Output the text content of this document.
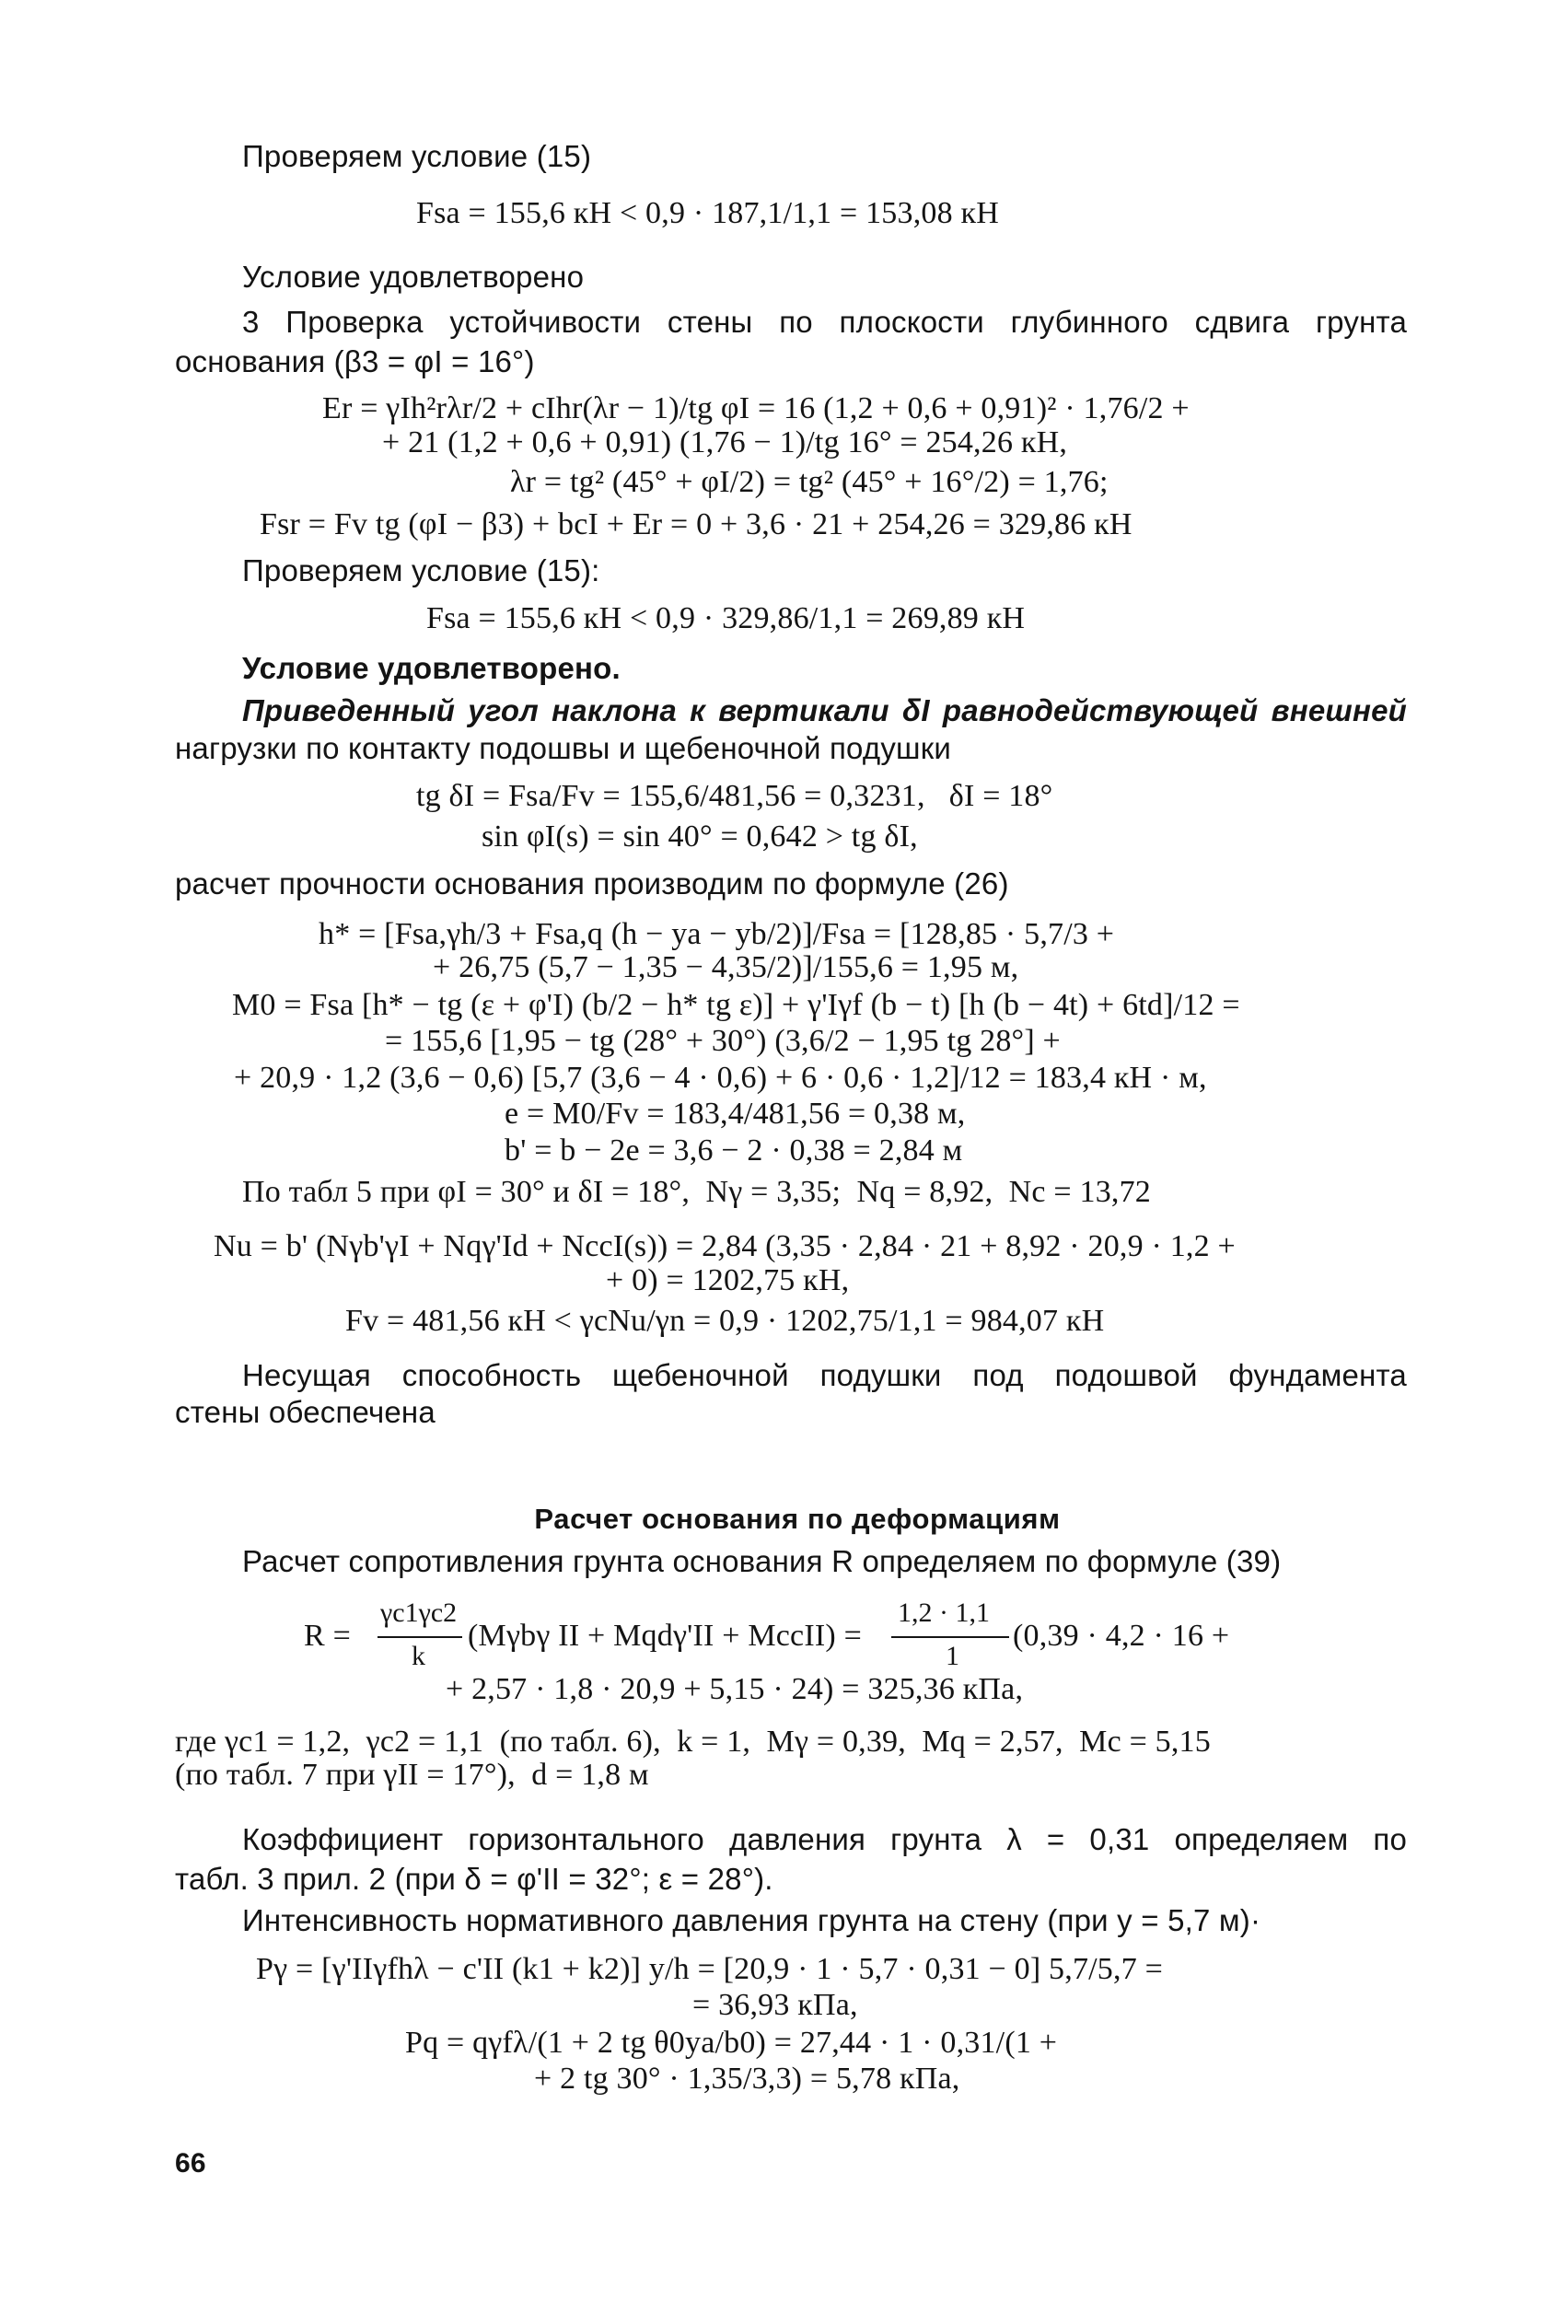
Проверяем условие (15)
Fsa = 155,6 кН < 0,9 · 187,1/1,1 = 153,08 кН
Условие удовлетворено
3 Проверка устойчивости стены по плоскости глубинного сдвига грунта
основания (β3 = φI = 16°)
Er = γIh²rλr/2 + cIhr(λr − 1)/tg φI = 16 (1,2 + 0,6 + 0,91)² · 1,76/2 +
+ 21 (1,2 + 0,6 + 0,91) (1,76 − 1)/tg 16° = 254,26 кН,
λr = tg² (45° + φI/2) = tg² (45° + 16°/2) = 1,76;
Fsr = Fv tg (φI − β3) + bcI + Er = 0 + 3,6 · 21 + 254,26 = 329,86 кН
Проверяем условие (15):
Fsa = 155,6 кН < 0,9 · 329,86/1,1 = 269,89 кН
Условие удовлетворено.
Приведенный угол наклона к вертикали δI равнодействующей внешней
нагрузки по контакту подошвы и щебеночной подушки
tg δI = Fsa/Fv = 155,6/481,56 = 0,3231,   δI = 18°
sin φI(s) = sin 40° = 0,642 > tg δI,
расчет прочности основания производим по формуле (26)
h* = [Fsa,γh/3 + Fsa,q (h − ya − yb/2)]/Fsa = [128,85 · 5,7/3 +
+ 26,75 (5,7 − 1,35 − 4,35/2)]/155,6 = 1,95 м,
M0 = Fsa [h* − tg (ε + φ'I) (b/2 − h* tg ε)] + γ'Iγf (b − t) [h (b − 4t) + 6td]/12 =
= 155,6 [1,95 − tg (28° + 30°) (3,6/2 − 1,95 tg 28°] +
+ 20,9 · 1,2 (3,6 − 0,6) [5,7 (3,6 − 4 · 0,6) + 6 · 0,6 · 1,2]/12 = 183,4 кН · м,
e = M0/Fv = 183,4/481,56 = 0,38 м,
b' = b − 2e = 3,6 − 2 · 0,38 = 2,84 м
По табл 5 при φI = 30° и δI = 18°,  Nγ = 3,35;  Nq = 8,92,  Nc = 13,72
Nu = b' (Nγb'γI + Nqγ'Id + NccI(s)) = 2,84 (3,35 · 2,84 · 21 + 8,92 · 20,9 · 1,2 +
+ 0) = 1202,75 кН,
Fv = 481,56 кН < γcNu/γn = 0,9 · 1202,75/1,1 = 984,07 кН
Несущая способность щебеночной подушки под подошвой фундамента
стены обеспечена
Расчет основания по деформациям
Расчет сопротивления грунта основания R определяем по формуле (39)
R =
γc1γc2
k
(Mγbγ II + Mqdγ'II + McсII) =
1,2 · 1,1
1
(0,39 · 4,2 · 16 +
+ 2,57 · 1,8 · 20,9 + 5,15 · 24) = 325,36 кПа,
где γc1 = 1,2,  γc2 = 1,1  (по табл. 6),  k = 1,  Mγ = 0,39,  Mq = 2,57,  Mc = 5,15
(по табл. 7 при γII = 17°),  d = 1,8 м
Коэффициент горизонтального давления грунта λ = 0,31 определяем по
табл. 3 прил. 2 (при δ = φ'II = 32°; ε = 28°).
Интенсивность нормативного давления грунта на стену (при y = 5,7 м)·
Pγ = [γ'IIγfhλ − c'II (k1 + k2)] y/h = [20,9 · 1 · 5,7 · 0,31 − 0] 5,7/5,7 =
= 36,93 кПа,
Pq = qγfλ/(1 + 2 tg θ0ya/b0) = 27,44 · 1 · 0,31/(1 +
+ 2 tg 30° · 1,35/3,3) = 5,78 кПа,
66
